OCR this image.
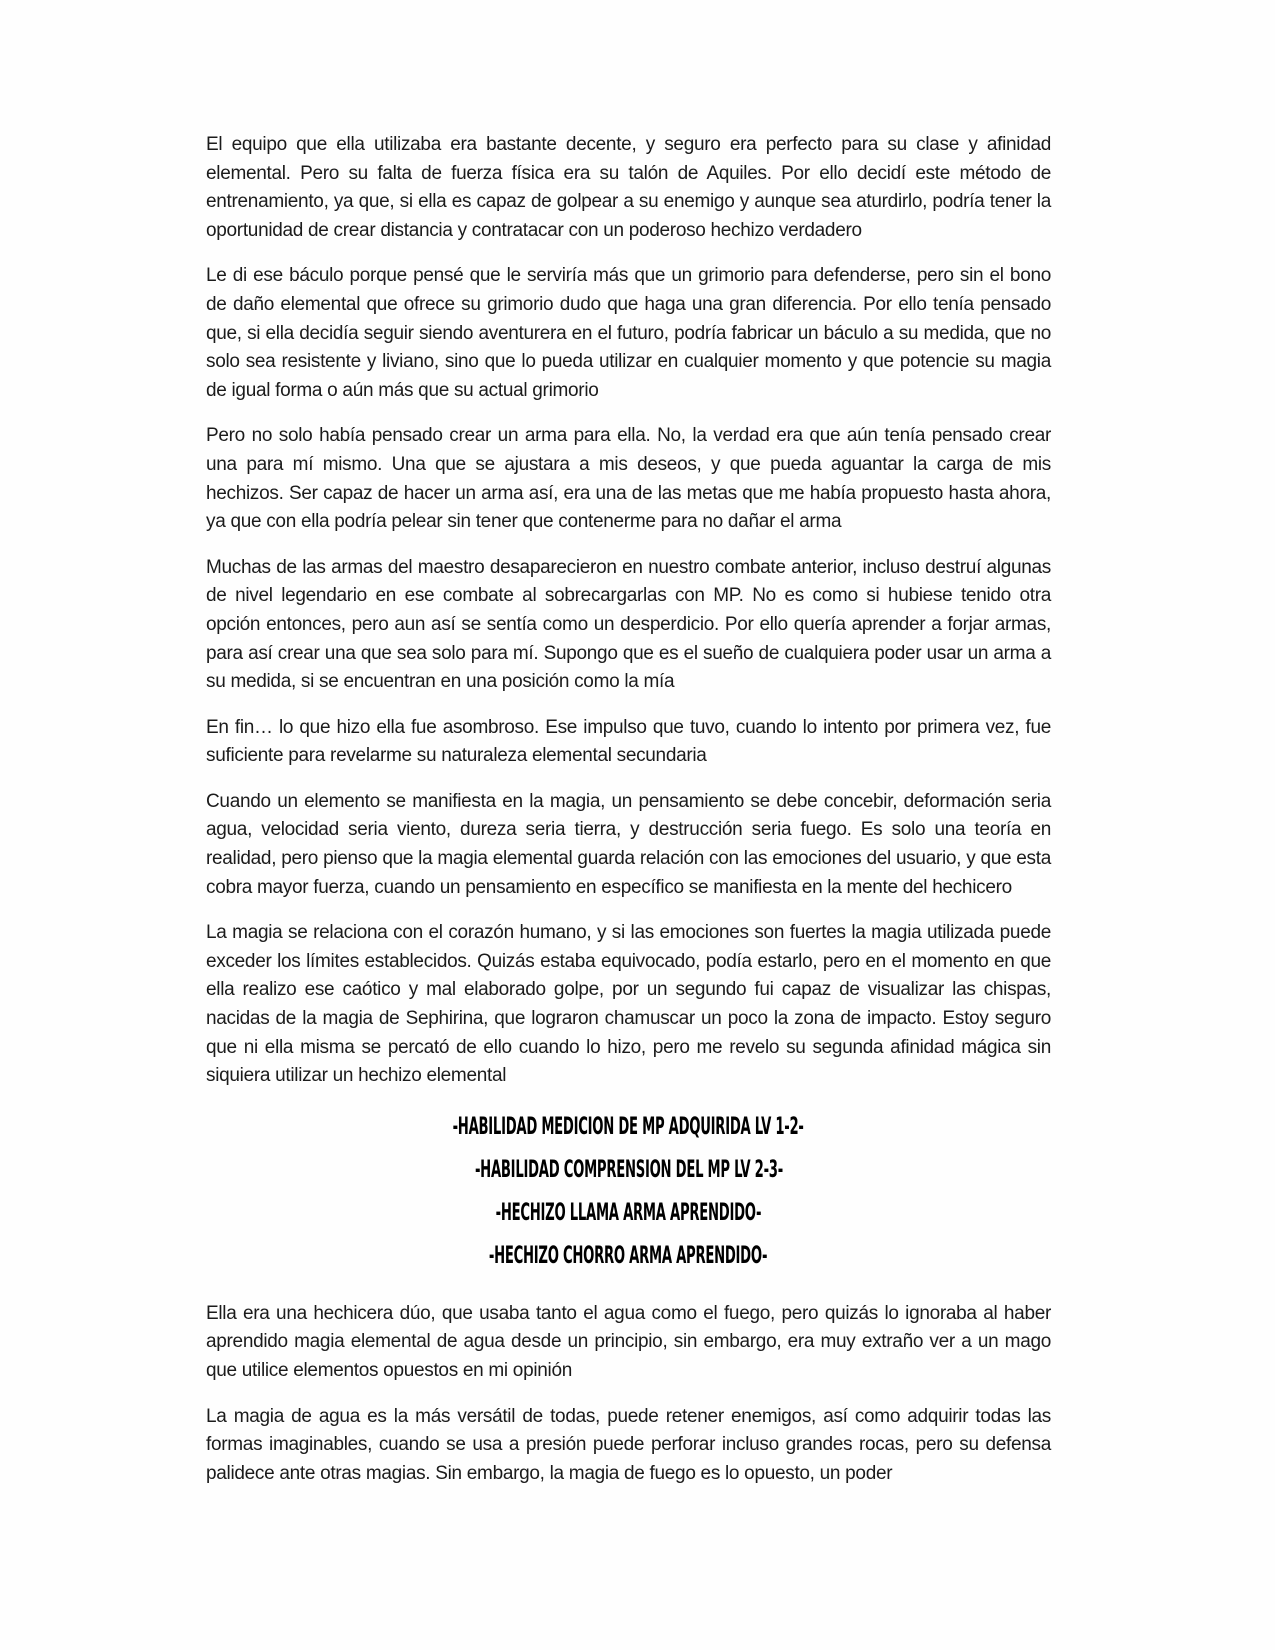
El equipo que ella utilizaba era bastante decente, y seguro era perfecto para su clase y afinidad elemental. Pero su falta de fuerza física era su talón de Aquiles. Por ello decidí este método de entrenamiento, ya que, si ella es capaz de golpear a su enemigo y aunque sea aturdirlo, podría tener la oportunidad de crear distancia y contratacar con un poderoso hechizo verdadero

Le di ese báculo porque pensé que le serviría más que un grimorio para defenderse, pero sin el bono de daño elemental que ofrece su grimorio dudo que haga una gran diferencia. Por ello tenía pensado que, si ella decidía seguir siendo aventurera en el futuro, podría fabricar un báculo a su medida, que no solo sea resistente y liviano, sino que lo pueda utilizar en cualquier momento y que potencie su magia de igual forma o aún más que su actual grimorio

Pero no solo había pensado crear un arma para ella. No, la verdad era que aún tenía pensado crear una para mí mismo. Una que se ajustara a mis deseos, y que pueda aguantar la carga de mis hechizos. Ser capaz de hacer un arma así, era una de las metas que me había propuesto hasta ahora, ya que con ella podría pelear sin tener que contenerme para no dañar el arma

Muchas de las armas del maestro desaparecieron en nuestro combate anterior, incluso destruí algunas de nivel legendario en ese combate al sobrecargarlas con MP. No es como si hubiese tenido otra opción entonces, pero aun así se sentía como un desperdicio. Por ello quería aprender a forjar armas, para así crear una que sea solo para mí. Supongo que es el sueño de cualquiera poder usar un arma a su medida, si se encuentran en una posición como la mía

En fin… lo que hizo ella fue asombroso. Ese impulso que tuvo, cuando lo intento por primera vez, fue suficiente para revelarme su naturaleza elemental secundaria

Cuando un elemento se manifiesta en la magia, un pensamiento se debe concebir, deformación seria agua, velocidad seria viento, dureza seria tierra, y destrucción seria fuego. Es solo una teoría en realidad, pero pienso que la magia elemental guarda relación con las emociones del usuario, y que esta cobra mayor fuerza, cuando un pensamiento en específico se manifiesta en la mente del hechicero

La magia se relaciona con el corazón humano, y si las emociones son fuertes la magia utilizada puede exceder los límites establecidos. Quizás estaba equivocado, podía estarlo, pero en el momento en que ella realizo ese caótico y mal elaborado golpe, por un segundo fui capaz de visualizar las chispas, nacidas de la magia de Sephirina, que lograron chamuscar un poco la zona de impacto. Estoy seguro que ni ella misma se percató de ello cuando lo hizo, pero me revelo su segunda afinidad mágica sin siquiera utilizar un hechizo elemental

-HABILIDAD MEDICION DE MP ADQUIRIDA LV 1-2-
-HABILIDAD COMPRENSION DEL MP LV 2-3-
-HECHIZO LLAMA ARMA APRENDIDO-
-HECHIZO CHORRO ARMA APRENDIDO-

Ella era una hechicera dúo, que usaba tanto el agua como el fuego, pero quizás lo ignoraba al haber aprendido magia elemental de agua desde un principio, sin embargo, era muy extraño ver a un mago que utilice elementos opuestos en mi opinión

La magia de agua es la más versátil de todas, puede retener enemigos, así como adquirir todas las formas imaginables, cuando se usa a presión puede perforar incluso grandes rocas, pero su defensa palidece ante otras magias. Sin embargo, la magia de fuego es lo opuesto, un poder
